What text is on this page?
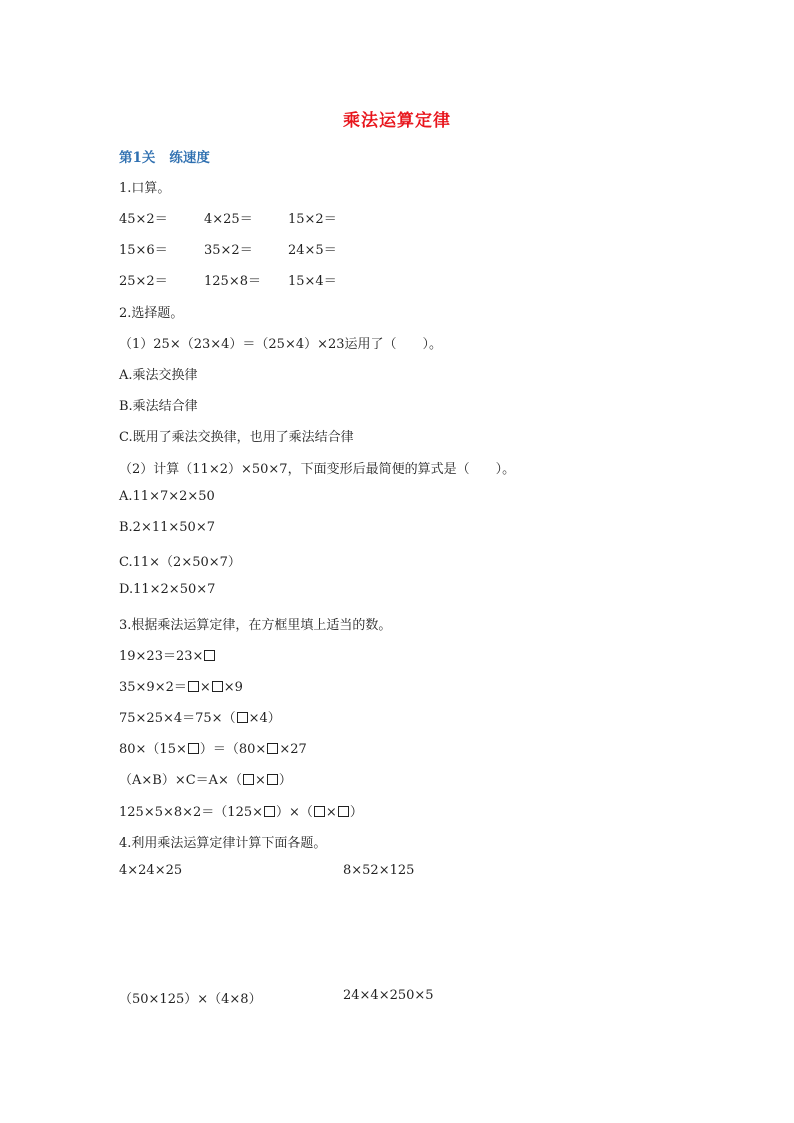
乘法运算定律
第1关 练速度
1.口算。
45×2＝	4×25＝	15×2＝
15×6＝	35×2＝	24×5＝
25×2＝	125×8＝ 15×4＝
2.选择题。
（1）25×（23×4）＝（25×4）×23运用了（　　）。
A.乘法交换律
B.乘法结合律
C.既用了乘法交换律，也用了乘法结合律
（2）计算（11×2）×50×7，下面变形后最简便的算式是（　　）。
A.11×7×2×50
B.2×11×50×7
C.11×（2×50×7）
D.11×2×50×7
3.根据乘法运算定律，在方框里填上适当的数。
19×23＝23×
35×9×2＝ × ×9
75×25×4＝75×（ ×4）
80×（15× ）＝（80× ×27
（A×B）×C＝A×（ × ）
125×5×8×2＝（125× ）×（ × ）
4.利用乘法运算定律计算下面各题。
4×24×25	8×52×125
（50×125）×（4×8）	24×4×250×5
